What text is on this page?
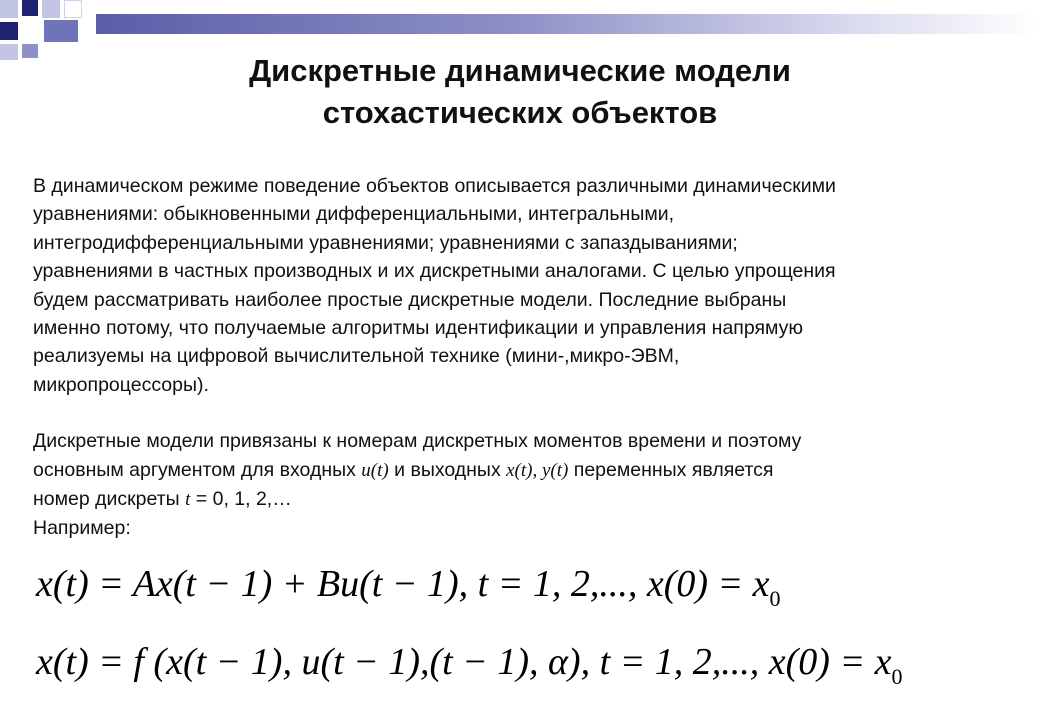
Дискретные динамические модели
стохастических объектов
В динамическом режиме поведение объектов описывается различными динамическими
уравнениями: обыкновенными дифференциальными, интегральными,
интегродифференциальными уравнениями; уравнениями с запаздываниями;
уравнениями в частных производных и их дискретными аналогами. С целью упрощения
будем рассматривать наиболее простые дискретные модели. Последние выбраны
именно потому, что получаемые алгоритмы идентификации и управления напрямую
реализуемы на цифровой вычислительной технике (мини-,микро-ЭВМ,
микропроцессоры).
Дискретные модели привязаны к номерам дискретных моментов времени и поэтому
основным аргументом для входных u(t) и выходных x(t), y(t) переменных является
номер дискреты t = 0, 1, 2,…
Например:
x(t) = Ax(t − 1) + Bu(t − 1), t = 1, 2,..., $x(0) = x_0$
x(t) = f (x(t − 1), u(t − 1),(t − 1), α), t = 1, 2,..., $x(0) = x_0$
